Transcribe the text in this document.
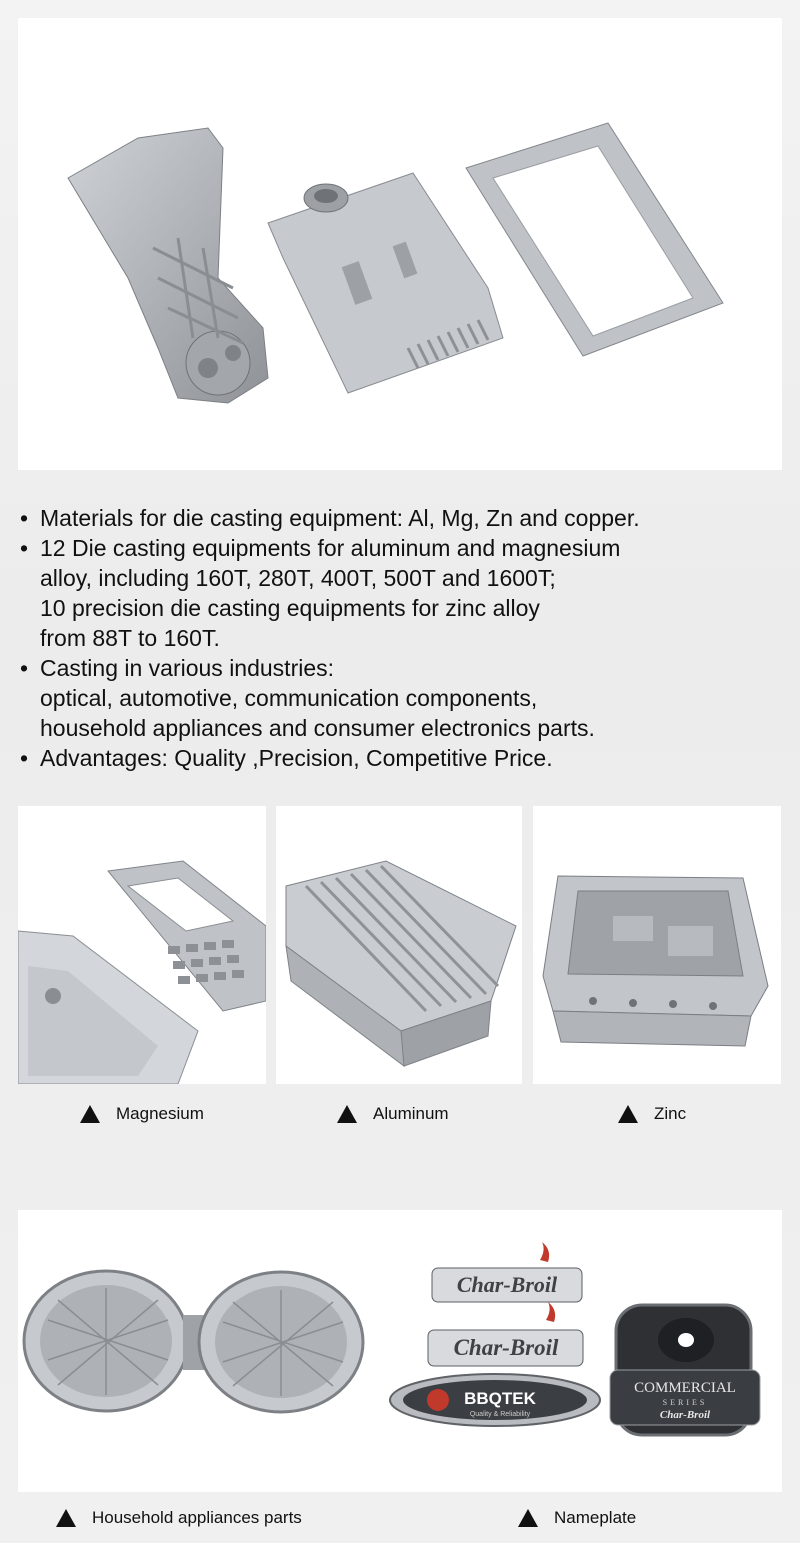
• Materials for die casting equipment: Al, Mg, Zn and copper.
• 12 Die casting equipments for aluminum and magnesium
alloy, including 160T, 280T, 400T, 500T and 1600T;
10 precision die casting equipments for zinc alloy
from 88T to 160T.
• Casting in various industries:
optical, automotive, communication components,
household appliances and consumer electronics parts.
• Advantages: Quality ,Precision, Competitive Price.
Magnesium	Aluminum	Zinc
Char-Broil
Char-Broil
BBQTEK
Quality & Reliability
COMMERCIAL
SERIES
Char-Broil
Household appliances parts	Nameplate
